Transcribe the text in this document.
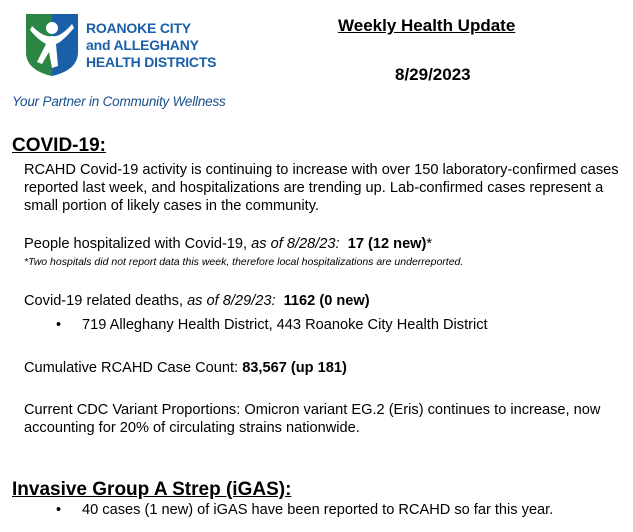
ROANOKE CITY
and ALLEGHANY
HEALTH DISTRICTS
Your Partner in Community Wellness
Weekly Health Update
8/29/2023
COVID-19:
RCAHD Covid-19 activity is continuing to increase with over 150 laboratory-confirmed cases reported last week, and hospitalizations are trending up. Lab-confirmed cases represent a small portion of likely cases in the community.
People hospitalized with Covid-19, as of 8/28/23: 17 (12 new)*
*Two hospitals did not report data this week, therefore local hospitalizations are underreported.
Covid-19 related deaths, as of 8/29/23: 1162 (0 new)
• 719 Alleghany Health District, 443 Roanoke City Health District
Cumulative RCAHD Case Count: 83,567 (up 181)
Current CDC Variant Proportions: Omicron variant EG.2 (Eris) continues to increase, now accounting for 20% of circulating strains nationwide.
Invasive Group A Strep (iGAS):
• 40 cases (1 new) of iGAS have been reported to RCAHD so far this year.
